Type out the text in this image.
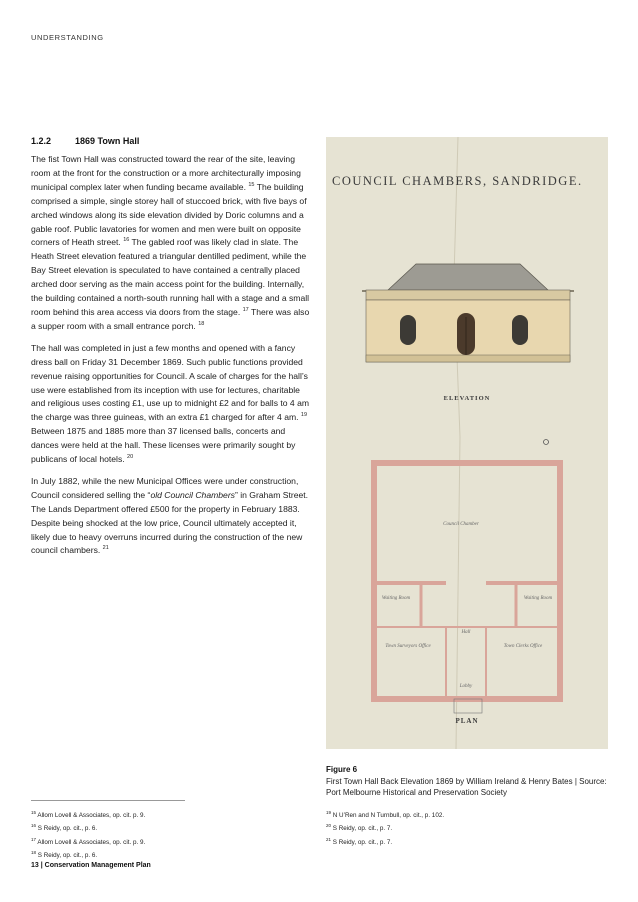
UNDERSTANDING
1.2.2	1869 Town Hall

The fist Town Hall was constructed toward the rear of the site, leaving room at the front for the construction or a more architecturally imposing municipal complex later when funding became available. $^{15}$ The building comprised a simple, single storey hall of stuccoed brick, with five bays of arched windows along its side elevation divided by Doric columns and a gable roof. Public lavatories for women and men were built on opposite corners of Heath street. $^{16}$ The gabled roof was likely clad in slate. The Heath Street elevation featured a triangular dentilled pediment, while the Bay Street elevation is speculated to have contained a centrally placed arched door serving as the main access point for the building. Internally, the building contained a north-south running hall with a stage and a small room behind this area access via doors from the stage. $^{17}$ There was also a supper room with a small entrance porch. $^{18}$

The hall was completed in just a few months and opened with a fancy dress ball on Friday 31 December 1869. Such public functions provided revenue raising opportunities for Council. A scale of charges for the hall’s use were established from its inception with use for lectures, charitable and religious uses costing £1, use up to midnight £2 and for balls to 4 am the charge was three guineas, with an extra £1 charged for after 4 am. $^{19}$ Between 1875 and 1885 more than 37 licensed balls, concerts and dances were held at the hall. These licenses were primarily sought by publicans of local hotels. $^{20}$

In July 1882, while the new Municipal Offices were under construction, Council considered selling the “old Council Chambers” in Graham Street. The Lands Department offered £500 for the property in February 1883. Despite being shocked at the low price, Council ultimately accepted it, likely due to heavy overruns incurred during the construction of the new council chambers. $^{21}$

COUNCIL CHAMBERS, SANDRIDGE.
ELEVATION
Council Chamber
Waiting Room	Waiting Room
Town Surveyors Office	Town Clerks Office
Hall
Lobby
PLAN
Figure 6
First Town Hall Back Elevation 1869 by William Ireland & Henry Bates | Source: Port Melbourne Historical and Preservation Society
$^{15}$ Allom Lovell & Associates, op. cit. p. 9.
$^{16}$ S Reidy, op. cit., p. 6.
$^{17}$ Allom Lovell & Associates, op. cit. p. 9.
$^{18}$ S Reidy, op. cit., p. 6.
$^{19}$ N U’Ren and N Turnbull, op. cit., p. 102.
$^{20}$ S Reidy, op. cit., p. 7.
$^{21}$ S Reidy, op. cit., p. 7.
13 | Conservation Management Plan
